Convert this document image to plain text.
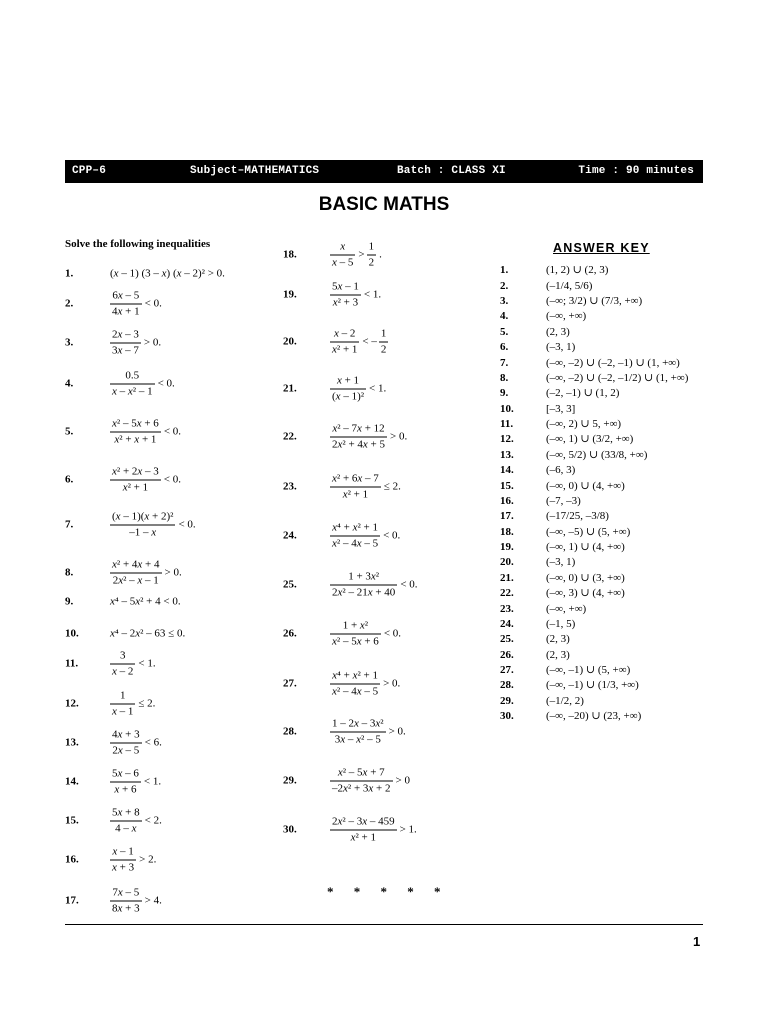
CPP–6	Subject–MATHEMATICS	Batch : CLASS XI	Time : 90 minutes
BASIC MATHS
Solve the following inequalities
1.	(x – 1) (3 – x) (x – 2)² > 0.
2.	$\frac{6x - 5}{4x + 1} < 0$.
3.	$\frac{2x - 3}{3x - 7} > 0$.
4.	$\frac{0.5}{\text{x – x² – 1}} < 0$.
5.	$\frac{\text{x² – 5x + 6}}{\text{x² + x + 1}} < 0$.
6.	$\frac{\text{x² + 2x – 3}}{\text{x² + 1}} < 0$.
7.	$\frac{\text{(x – 1)(x + 2)²}}{-1 - x} < 0$.
8.	$\frac{\text{x² + 4x + 4}}{\text{2x² – x – 1}} > 0$.
9.	x⁴ – 5x² + 4 < 0.
10.	x⁴ – 2x² – 63 ≤ 0.
11.	$\frac{3}{x - 2} < 1$.
12.	$\frac{1}{x - 1} \le 2$.
13.	$\frac{4x + 3}{2x - 5} < 6$.
14.	$\frac{5x - 6}{x + 6} < 1$.
15.	$\frac{5x + 8}{4 - x} < 2$.
16.	$\frac{x - 1}{x + 3} > 2$.
17.	$\frac{7x - 5}{8x + 3} > 4$.
18.	$\frac{x}{x - 5} > \frac{1}{2}$ .
19.	$\frac{5x - 1}{\text{x² + 3}} < 1$.
20.	$\frac{x - 2}{\text{x² + 1}}$ < – $\frac{1}{2}$
21.	$\frac{x + 1}{\text{(x – 1)²}} < 1$.
22.	$\frac{\text{x² – 7x + 12}}{\text{2x² + 4x + 5}} > 0$.
23.	$\frac{\text{x² + 6x – 7}}{\text{x² + 1}} \le 2$.
24.	$\frac{\text{x⁴ + x² + 1}}{\text{x² – 4x – 5}} < 0$.
25.	$\frac{\text{1 + 3x²}}{\text{2x² – 21x + 40}} < 0$.
26.	$\frac{\text{1 + x²}}{\text{x² – 5x + 6}} < 0$.
27.	$\frac{\text{x⁴ + x² + 1}}{\text{x² – 4x – 5}} > 0$.
28.	$\frac{\text{1 – 2x – 3x²}}{\text{3x – x² – 5}} > 0$.
29.	$\frac{\text{x² – 5x + 7}}{\text{–2x² + 3x + 2}} > 0$
30.	$\frac{\text{2x² – 3x – 459}}{\text{x² + 1}} > 1$.
ANSWER KEY
1.	(1, 2) ∪ (2, 3)
2.	(–1/4, 5/6)
3.	(–∞; 3/2) ∪ (7/3, +∞)
4.	(–∞, +∞)
5.	(2, 3)
6.	(–3, 1)
7.	(–∞, –2) ∪ (–2, –1) ∪ (1, +∞)
8.	(–∞, –2) ∪ (–2, –1/2) ∪ (1, +∞)
9.	(–2, –1) ∪ (1, 2)
10.	[–3, 3]
11.	(–∞, 2) ∪ 5, +∞)
12.	(–∞, 1) ∪ (3/2, +∞)
13.	(–∞, 5/2) ∪ (33/8, +∞)
14.	(–6, 3)
15.	(–∞, 0) ∪ (4, +∞)
16.	(–7, –3)
17.	(–17/25, –3/8)
18.	(–∞, –5) ∪ (5, +∞)
19.	(–∞, 1) ∪ (4, +∞)
20.	(–3, 1)
21.	(–∞, 0) ∪ (3, +∞)
22.	(–∞, 3) ∪ (4, +∞)
23.	(–∞, +∞)
24.	(–1, 5)
25.	(2, 3)
26.	(2, 3)
27.	(–∞, –1) ∪ (5, +∞)
28.	(–∞, –1) ∪ (1/3, +∞)
29.	(–1/2, 2)
30.	(–∞, –20) ∪ (23, +∞)
* * * * *
1
